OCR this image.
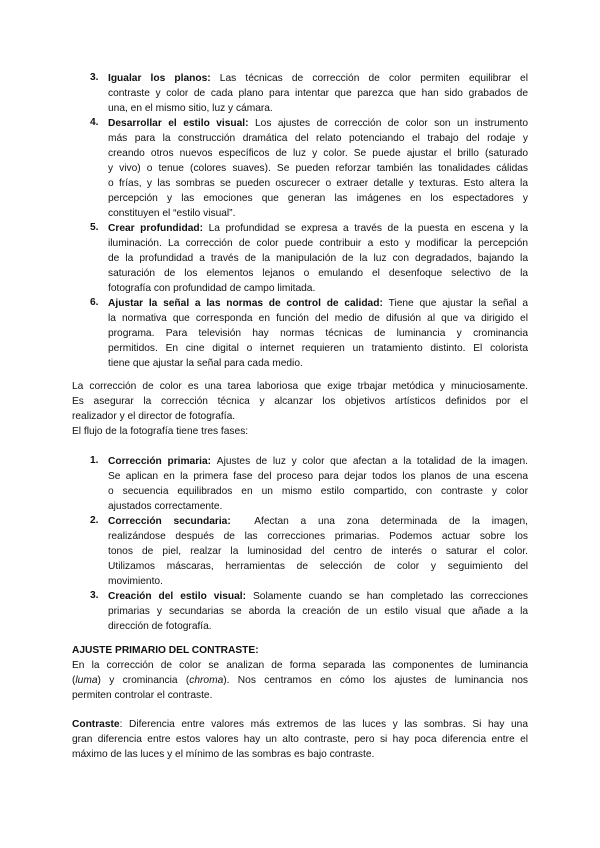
3. Igualar los planos: Las técnicas de corrección de color permiten equilibrar el
contraste y color de cada plano para intentar que parezca que han sido grabados de
una, en el mismo sitio, luz y cámara.
4. Desarrollar el estilo visual: Los ajustes de corrección de color son un instrumento
más para la construcción dramática del relato potenciando el trabajo del rodaje y
creando otros nuevos específicos de luz y color. Se puede ajustar el brillo (saturado
y vivo) o tenue (colores suaves). Se pueden reforzar también las tonalidades cálidas
o frías, y las sombras se pueden oscurecer o extraer detalle y texturas. Esto altera la
percepción y las emociones que generan las imágenes en los espectadores y
constituyen el “estilo visual”.
5. Crear profundidad: La profundidad se expresa a través de la puesta en escena y la
iluminación. La corrección de color puede contribuir a esto y modificar la percepción
de la profundidad a través de la manipulación de la luz con degradados, bajando la
saturación de los elementos lejanos o emulando el desenfoque selectivo de la
fotografía con profundidad de campo limitada.
6. Ajustar la señal a las normas de control de calidad: Tiene que ajustar la señal a
la normativa que corresponda en función del medio de difusión al que va dirigido el
programa. Para televisión hay normas técnicas de luminancia y crominancia
permitidos. En cine digital o internet requieren un tratamiento distinto. El colorista
tiene que ajustar la señal para cada medio.
La corrección de color es una tarea laboriosa que exige trbajar metódica y minuciosamente.
Es asegurar la corrección técnica y alcanzar los objetivos artísticos definidos por el
realizador y el director de fotografía.
El flujo de la fotografía tiene tres fases:
1. Corrección primaria: Ajustes de luz y color que afectan a la totalidad de la imagen.
Se aplican en la primera fase del proceso para dejar todos los planos de una escena
o secuencia equilibrados en un mismo estilo compartido, con contraste y color
ajustados correctamente.
2. Corrección secundaria: Afectan a una zona determinada de la imagen,
realizándose después de las correcciones primarias. Podemos actuar sobre los
tonos de piel, realzar la luminosidad del centro de interés o saturar el color.
Utilizamos máscaras, herramientas de selección de color y seguimiento del
movimiento.
3. Creación del estilo visual: Solamente cuando se han completado las correcciones
primarias y secundarias se aborda la creación de un estilo visual que añade a la
dirección de fotografía.
AJUSTE PRIMARIO DEL CONTRASTE:
En la corrección de color se analizan de forma separada las componentes de luminancia
(luma) y crominancia (chroma). Nos centramos en cómo los ajustes de luminancia nos
permiten controlar el contraste.
Contraste: Diferencia entre valores más extremos de las luces y las sombras. Si hay una
gran diferencia entre estos valores hay un alto contraste, pero si hay poca diferencia entre el
máximo de las luces y el mínimo de las sombras es bajo contraste.
